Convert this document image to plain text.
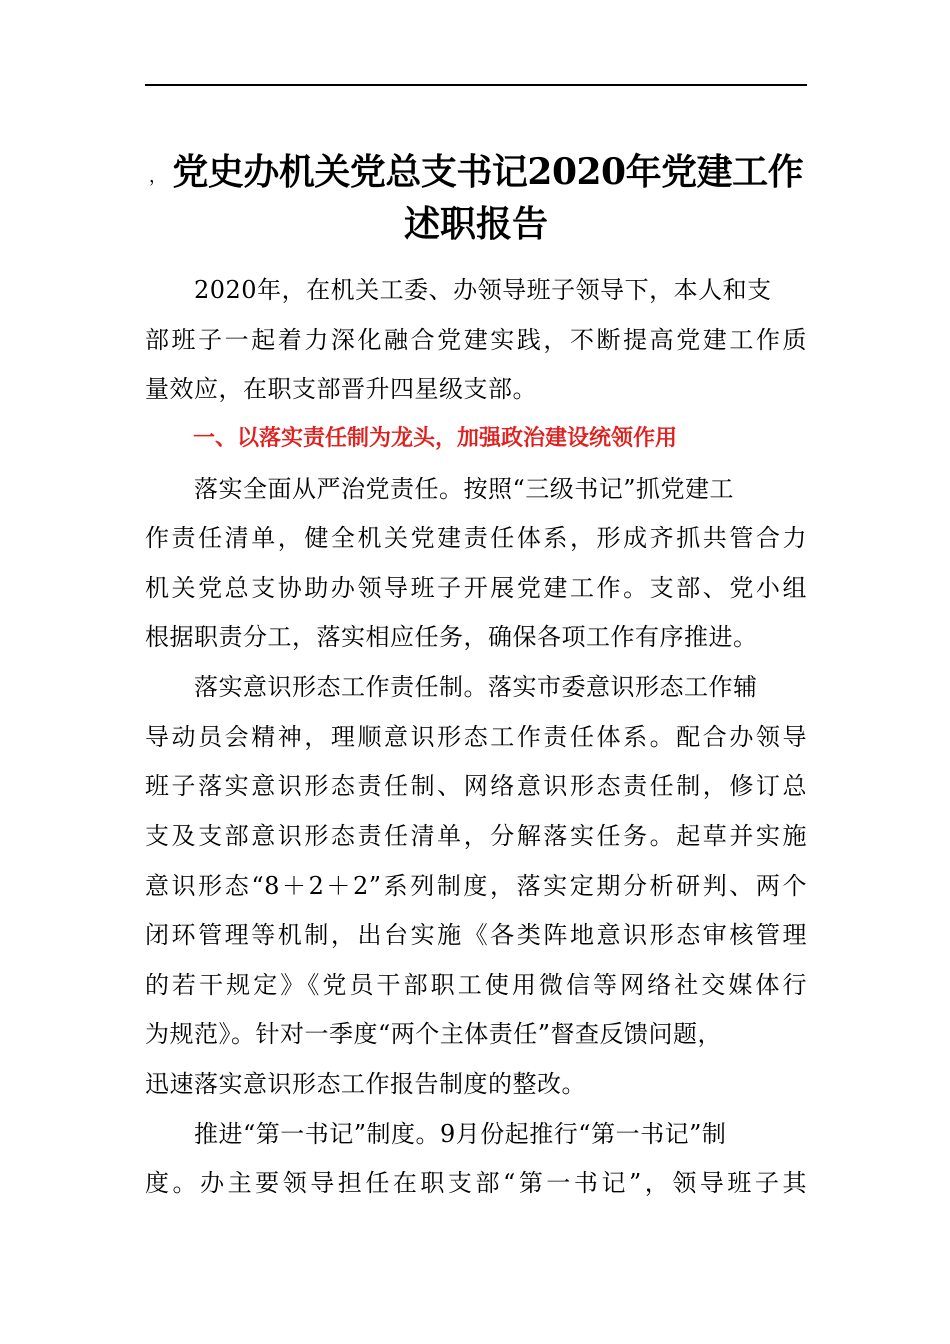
， 党史办机关党总支书记2020年党建工作
述职报告
　　2020年，在机关工委、办领导班子领导下，本人和支
部班子一起着力深化融合党建实践，不断提高党建工作质
量效应，在职支部晋升四星级支部。
一、以落实责任制为龙头，加强政治建设统领作用
　　落实全面从严治党责任。按照“三级书记”抓党建工
作责任清单，健全机关党建责任体系，形成齐抓共管合力
机关党总支协助办领导班子开展党建工作。支部、党小组
根据职责分工，落实相应任务，确保各项工作有序推进。
　　落实意识形态工作责任制。落实市委意识形态工作辅
导动员会精神，理顺意识形态工作责任体系。配合办领导
班子落实意识形态责任制、网络意识形态责任制，修订总
支及支部意识形态责任清单，分解落实任务。起草并实施
意识形态“8＋2＋2”系列制度，落实定期分析研判、两个
闭环管理等机制，出台实施《各类阵地意识形态审核管理
的若干规定》《党员干部职工使用微信等网络社交媒体行
为规范》。针对一季度“两个主体责任”督查反馈问题，
迅速落实意识形态工作报告制度的整改。
　　推进“第一书记”制度。9月份起推行“第一书记”制
度。办主要领导担任在职支部“第一书记”，领导班子其
